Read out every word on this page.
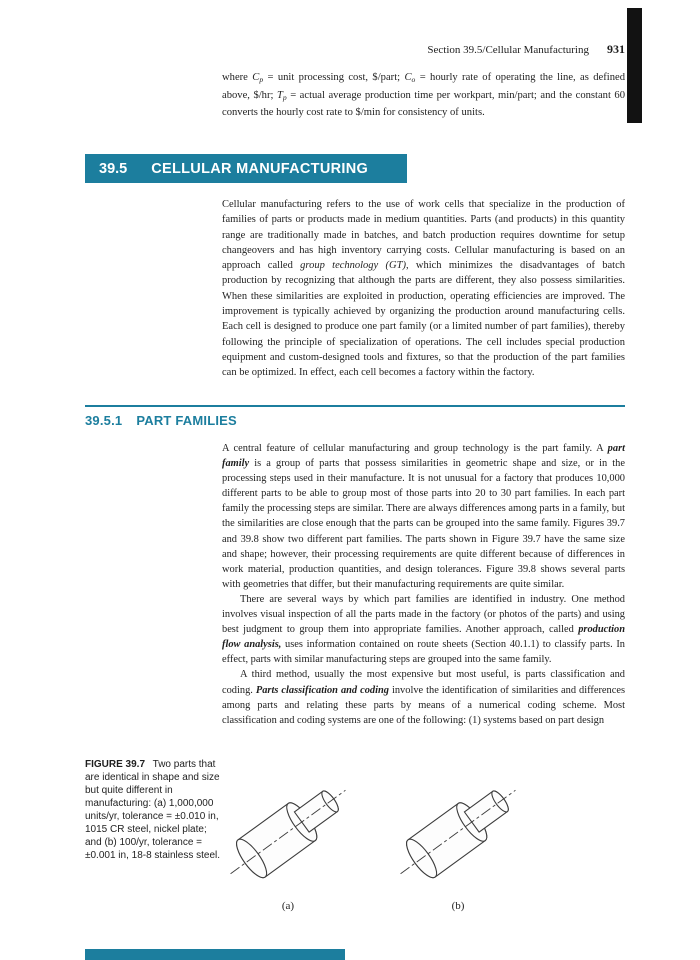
Section 39.5/Cellular Manufacturing 931

where $C_p$ = unit processing cost, $/part; $C_o$ = hourly rate of operating the line, as defined above, $/hr; $T_p$ = actual average production time per workpart, min/part; and the constant 60 converts the hourly cost rate to $/min for consistency of units.

39.5 CELLULAR MANUFACTURING

Cellular manufacturing refers to the use of work cells that specialize in the production of families of parts or products made in medium quantities. Parts (and products) in this quantity range are traditionally made in batches, and batch production requires downtime for setup changeovers and has high inventory carrying costs. Cellular manufacturing is based on an approach called group technology (GT), which minimizes the disadvantages of batch production by recognizing that although the parts are different, they also possess similarities. When these similarities are exploited in production, operating efficiencies are improved. The improvement is typically achieved by organizing the production around manufacturing cells. Each cell is designed to produce one part family (or a limited number of part families), thereby following the principle of specialization of operations. The cell includes special production equipment and custom-designed tools and fixtures, so that the production of the part families can be optimized. In effect, each cell becomes a factory within the factory.

39.5.1 PART FAMILIES

A central feature of cellular manufacturing and group technology is the part family. A part family is a group of parts that possess similarities in geometric shape and size, or in the processing steps used in their manufacture. It is not unusual for a factory that produces 10,000 different parts to be able to group most of those parts into 20 to 30 part families. In each part family the processing steps are similar. There are always differences among parts in a family, but the similarities are close enough that the parts can be grouped into the same family. Figures 39.7 and 39.8 show two different part families. The parts shown in Figure 39.7 have the same size and shape; however, their processing requirements are quite different because of differences in work material, production quantities, and design tolerances. Figure 39.8 shows several parts with geometries that differ, but their manufacturing requirements are quite similar.

There are several ways by which part families are identified in industry. One method involves visual inspection of all the parts made in the factory (or photos of the parts) and using best judgment to group them into appropriate families. Another approach, called production flow analysis, uses information contained on route sheets (Section 40.1.1) to classify parts. In effect, parts with similar manufacturing steps are grouped into the same family.

A third method, usually the most expensive but most useful, is parts classification and coding. Parts classification and coding involve the identification of similarities and differences among parts and relating these parts by means of a numerical coding scheme. Most classification and coding systems are one of the following: (1) systems based on part design

FIGURE 39.7 Two parts that are identical in shape and size but quite different in manufacturing: (a) 1,000,000 units/yr, tolerance = ±0.010 in, 1015 CR steel, nickel plate; and (b) 100/yr, tolerance = ±0.001 in, 18-8 stainless steel.

(a)	(b)
